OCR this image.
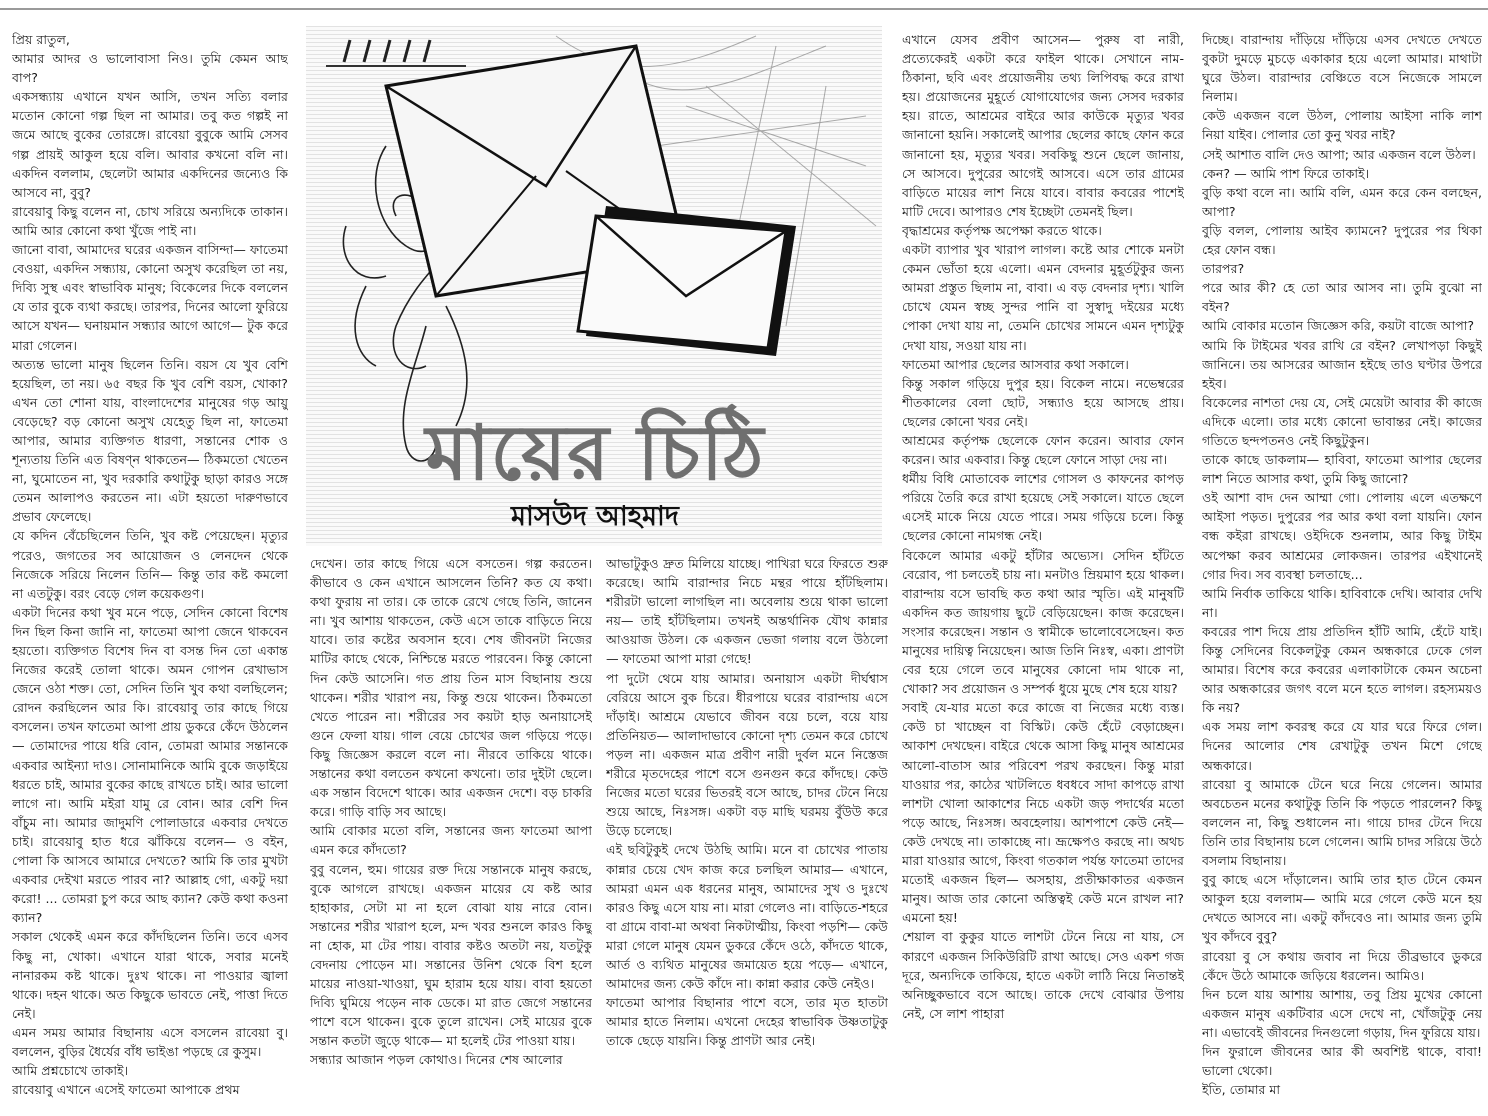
প্রিয় রাতুল,

আমার আদর ও ভালোবাসা নিও। তুমি কেমন আছ বাপ?

একসন্ধ্যায় এখানে যখন আসি, তখন সত্যি বলার মতোন কোনো গল্প ছিল না আমার। তবু কত গল্পই না জমে আছে বুকের তোরঙ্গে। রাবেয়া বুবুকে আমি সেসব গল্প প্রায়ই আকুল হয়ে বলি। আবার কখনো বলি না। একদিন বললাম, ছেলেটা আমার একদিনের জন্যেও কি আসবে না, বুবু?

রাবেয়াবু কিছু বলেন না, চোখ সরিয়ে অন্যদিকে তাকান। আমি আর কোনো কথা খুঁজে পাই না।

জানো বাবা, আমাদের ঘরের একজন বাসিন্দা— ফাতেমা বেওয়া, একদিন সন্ধ্যায়, কোনো অসুখ করেছিল তা নয়, দিব্যি সুস্থ এবং স্বাভাবিক মানুষ; বিকেলের দিকে বললেন যে তার বুকে ব্যথা করছে। তারপর, দিনের আলো ফুরিয়ে আসে যখন— ঘনায়মান সন্ধ্যার আগে আগে— টুক করে মারা গেলেন।

অত্যন্ত ভালো মানুষ ছিলেন তিনি। বয়স যে খুব বেশি হয়েছিল, তা নয়। ৬৫ বছর কি খুব বেশি বয়স, খোকা? এখন তো শোনা যায়, বাংলাদেশের মানুষের গড় আয়ু বেড়েছে? বড় কোনো অসুখ যেহেতু ছিল না, ফাতেমা আপার, আমার ব্যক্তিগত ধারণা, সন্তানের শোক ও শূন্যতায় তিনি এত বিষণ্ন থাকতেন— ঠিকমতো খেতেন না, ঘুমোতেন না, খুব দরকারি কথাটুকু ছাড়া কারও সঙ্গে তেমন আলাপও করতেন না। এটা হয়তো দারুণভাবে প্রভাব ফেলেছে।

যে কদিন বেঁচেছিলেন তিনি, খুব কষ্ট পেয়েছেন। মৃত্যুর পরেও, জগতের সব আয়োজন ও লেনদেন থেকে নিজেকে সরিয়ে নিলেন তিনি— কিন্তু তার কষ্ট কমলো না এতটুকু। বরং বেড়ে গেল কয়েকগুণ।

একটা দিনের কথা খুব মনে পড়ে, সেদিন কোনো বিশেষ দিন ছিল কিনা জানি না, ফাতেমা আপা জেনে থাকবেন হয়তো। ব্যক্তিগত বিশেষ দিন বা বসন্ত দিন তো একান্ত নিজের করেই তোলা থাকে। অমন গোপন রেখাভাস জেনে ওঠা শক্ত। তো, সেদিন তিনি খুব কথা বলছিলেন; রোদন করছিলেন আর কি। রাবেয়াবু তার কাছে গিয়ে বসলেন। তখন ফাতেমা আপা প্রায় ডুকরে কেঁদে উঠলেন— তোমাদের পায়ে ধরি বোন, তোমরা আমার সন্তানকে একবার আইন্যা দাও। সোনামানিকে আমি বুকে জড়াইয়ে ধরতে চাই, আমার বুকের কাছে রাখতে চাই। আর ভালো লাগে না। আমি মইরা যামু রে বোন। আর বেশি দিন বাঁচুম না। আমার জাদুমণি পোলাডারে একবার দেখতে চাই। রাবেয়াবু হাত ধরে ঝাঁকিয়ে বলেন— ও বইন, পোলা কি আসবে আমারে দেখতে? আমি কি তার মুখটা একবার দেইখা মরতে পারব না? আল্লাহ গো, একটু দয়া করো! ... তোমরা চুপ করে আছ ক্যান? কেউ কথা কওনা ক্যান?

সকাল থেকেই এমন করে কাঁদছিলেন তিনি। তবে এসব কিছু না, খোকা। এখানে যারা থাকে, সবার মনেই নানারকম কষ্ট থাকে। দুঃখ থাকে। না পাওয়ার জ্বালা থাকে। দহন থাকে। অত কিছুকে ভাবতে নেই, পাত্তা দিতে নেই।

এমন সময় আমার বিছানায় এসে বসলেন রাবেয়া বু। বললেন, বুড়ির ধৈর্যের বাঁধ ভাইঙা পড়ছে রে কুসুম।

আমি প্রশ্নচোখে তাকাই।

রাবেয়াবু এখানে এসেই ফাতেমা আপাকে প্রথম

দেখেন। তার কাছে গিয়ে এসে বসতেন। গল্প করতেন। কীভাবে ও কেন এখানে আসলেন তিনি? কত যে কথা। কথা ফুরায় না তার। কে তাকে রেখে গেছে তিনি, জানেন না। খুব আশায় থাকতেন, কেউ এসে তাকে বাড়িতে নিয়ে যাবে। তার কষ্টের অবসান হবে। শেষ জীবনটা নিজের মাটির কাছে থেকে, নিশ্চিন্তে মরতে পারবেন। কিন্তু কোনো দিন কেউ আসেনি। গত প্রায় তিন মাস বিছানায় শুয়ে থাকেন। শরীর খারাপ নয়, কিন্তু শুয়ে থাকেন। ঠিকমতো খেতে পারেন না। শরীরের সব কয়টা হাড় অনায়াসেই গুনে ফেলা যায়। গাল বেয়ে চোখের জল গড়িয়ে পড়ে। কিছু জিজ্ঞেস করলে বলে না। নীরবে তাকিয়ে থাকে। সন্তানের কথা বলতেন কখনো কখনো। তার দুইটা ছেলে। এক সন্তান বিদেশে থাকে। আর একজন দেশে। বড় চাকরি করে। গাড়ি বাড়ি সব আছে।

আমি বোকার মতো বলি, সন্তানের জন্য ফাতেমা আপা এমন করে কাঁদতো?

বুবু বলেন, হুম। গায়ের রক্ত দিয়ে সন্তানকে মানুষ করছে, বুকে আগলে রাখছে। একজন মায়ের যে কষ্ট আর হাহাকার, সেটা মা না হলে বোঝা যায় নারে বোন। সন্তানের শরীর খারাপ হলে, মন্দ খবর শুনলে কারও কিছু না হোক, মা টের পায়। বাবার কষ্টও অতটা নয়, যতটুকু বেদনায় পোড়েন মা। সন্তানের উনিশ থেকে বিশ হলে মায়ের নাওয়া-খাওয়া, ঘুম হারাম হয়ে যায়। বাবা হয়তো দিব্যি ঘুমিয়ে পড়েন নাক ডেকে। মা রাত জেগে সন্তানের পাশে বসে থাকেন। বুকে তুলে রাখেন। সেই মায়ের বুকে সন্তান কতটা জুড়ে থাকে— মা হলেই টের পাওয়া যায়।

সন্ধ্যার আজান পড়ল কোথাও। দিনের শেষ আলোর

আভাটুকুও দ্রুত মিলিয়ে যাচ্ছে। পাখিরা ঘরে ফিরতে শুরু করেছে। আমি বারান্দার নিচে মন্থর পায়ে হাঁটছিলাম। শরীরটা ভালো লাগছিল না। অবেলায় শুয়ে থাকা ভালো নয়— তাই হাঁটছিলাম। তখনই অন্তর্থানিক যৌথ কান্নার আওয়াজ উঠল। কে একজন ভেজা গলায় বলে উঠলো— ফাতেমা আপা মারা গেছে!

পা দুটো থেমে যায় আমার। অনায়াস একটা দীর্ঘশ্বাস বেরিয়ে আসে বুক চিরে। ধীরপায়ে ঘরের বারান্দায় এসে দাঁড়াই। আশ্রমে যেভাবে জীবন বয়ে চলে, বয়ে যায় প্রতিনিয়ত— আলাদাভাবে কোনো দৃশ্য তেমন করে চোখে পড়ল না। একজন মাত্র প্রবীণ নারী দুর্বল মনে নিস্তেজ শরীরে মৃতদেহের পাশে বসে গুনগুন করে কাঁদছে। কেউ নিজের মতো ঘরের ভিতরই বসে আছে, চাদর টেনে নিয়ে শুয়ে আছে, নিঃসঙ্গ। একটা বড় মাছি ঘরময় বুঁউউ করে উড়ে চলেছে।

এই ছবিটুকুই দেখে উঠছি আমি। মনে বা চোখের পাতায় কান্নার চেয়ে খেদ কাজ করে চলছিল আমার— এখানে, আমরা এমন এক ধরনের মানুষ, আমাদের সুখ ও দুঃখে কারও কিছু এসে যায় না। মারা গেলেও না। বাড়িতে-শহরে বা গ্রামে বাবা-মা অথবা নিকটাত্মীয়, কিংবা পড়শি— কেউ মারা গেলে মানুষ যেমন ডুকরে কেঁদে ওঠে, কাঁদতে থাকে, আর্ত ও ব্যথিত মানুষের জমায়েত হয়ে পড়ে— এখানে, আমাদের জন্য কেউ কাঁদে না। কান্না করার কেউ নেইও।

ফাতেমা আপার বিছানার পাশে বসে, তার মৃত হাতটা আমার হাতে নিলাম। এখনো দেহের স্বাভাবিক উষ্ণতাটুকু তাকে ছেড়ে যায়নি। কিন্তু প্রাণটা আর নেই।

এখানে যেসব প্রবীণ আসেন— পুরুষ বা নারী, প্রত্যেকেরই একটা করে ফাইল থাকে। সেখানে নাম-ঠিকানা, ছবি এবং প্রয়োজনীয় তথ্য লিপিবদ্ধ করে রাখা হয়। প্রয়োজনের মুহূর্তে যোগাযোগের জন্য সেসব দরকার হয়। রাতে, আশ্রমের বাইরে আর কাউকে মৃত্যুর খবর জানানো হয়নি। সকালেই আপার ছেলের কাছে ফোন করে জানানো হয়, মৃত্যুর খবর। সবকিছু শুনে ছেলে জানায়, সে আসবে। দুপুরের আগেই আসবে। এসে তার গ্রামের বাড়িতে মায়ের লাশ নিয়ে যাবে। বাবার কবরের পাশেই মাটি দেবে। আপারও শেষ ইচ্ছেটা তেমনই ছিল।

বৃদ্ধাশ্রমের কর্তৃপক্ষ অপেক্ষা করতে থাকে।

একটা ব্যাপার খুব খারাপ লাগল। কষ্টে আর শোকে মনটা কেমন ভোঁতা হয়ে এলো। এমন বেদনার মুহূর্তটুকুর জন্য আমরা প্রস্তুত ছিলাম না, বাবা। এ বড় বেদনার দৃশ্য। খালি চোখে যেমন স্বচ্ছ সুন্দর পানি বা সুস্বাদু দইয়ের মধ্যে পোকা দেখা যায় না, তেমনি চোখের সামনে এমন দৃশ্যটুকু দেখা যায়, সওয়া যায় না।

ফাতেমা আপার ছেলের আসবার কথা সকালে।

কিন্তু সকাল গড়িয়ে দুপুর হয়। বিকেল নামে। নভেম্বরের শীতকালের বেলা ছোট, সন্ধ্যাও হয়ে আসছে প্রায়। ছেলের কোনো খবর নেই।

আশ্রমের কর্তৃপক্ষ ছেলেকে ফোন করেন। আবার ফোন করেন। আর একবার। কিন্তু ছেলে ফোনে সাড়া দেয় না।

ধর্মীয় বিধি মোতাবেক লাশের গোসল ও কাফনের কাপড় পরিয়ে তৈরি করে রাখা হয়েছে সেই সকালে। যাতে ছেলে এসেই মাকে নিয়ে যেতে পারে। সময় গড়িয়ে চলে। কিন্তু ছেলের কোনো নামগন্ধ নেই।

বিকেলে আমার একটু হাঁটার অভ্যেস। সেদিন হাঁটতে বেরোব, পা চলতেই চায় না। মনটাও ম্রিয়মাণ হয়ে থাকল। বারান্দায় বসে ভাবছি কত কথা আর স্মৃতি। এই মানুষটি একদিন কত জায়গায় ছুটে বেড়িয়েছেন। কাজ করেছেন। সংসার করেছেন। সন্তান ও স্বামীকে ভালোবেসেছেন। কত মানুষের দায়িত্ব নিয়েছেন। আজ তিনি নিঃস্ব, একা। প্রাণটা বের হয়ে গেলে তবে মানুষের কোনো দাম থাকে না, খোকা? সব প্রয়োজন ও সম্পর্ক ধুয়ে মুছে শেষ হয়ে যায়?

সবাই যে-যার মতো করে কাজে বা নিজের মধ্যে ব্যস্ত। কেউ চা খাচ্ছেন বা বিস্কিট। কেউ হেঁটে বেড়াচ্ছেন। আকাশ দেখছেন। বাইরে থেকে আসা কিছু মানুষ আশ্রমের আলো-বাতাস আর পরিবেশ পরখ করছেন। কিন্তু মারা যাওয়ার পর, কাঠের খাটলিতে ধবধবে সাদা কাপড়ে রাখা লাশটা খোলা আকাশের নিচে একটা জড় পদার্থের মতো পড়ে আছে, নিঃসঙ্গ। অবহেলায়। আশপাশে কেউ নেই— কেউ দেখছে না। তাকাচ্ছে না। ভ্রূক্ষেপও করছে না। অথচ মারা যাওয়ার আগে, কিংবা গতকাল পর্যন্ত ফাতেমা তাদের মতোই একজন ছিল— অসহায়, প্রতীক্ষাকাতর একজন মানুষ। আজ তার কোনো অস্তিত্বই কেউ মনে রাখল না? এমনো হয়!

শেয়াল বা কুকুর যাতে লাশটা টেনে নিয়ে না যায়, সে কারণে একজন সিকিউরিটি রাখা আছে। সেও একশ গজ দূরে, অন্যদিকে তাকিয়ে, হাতে একটা লাঠি নিয়ে নিতান্তই অনিচ্ছুকভাবে বসে আছে। তাকে দেখে বোঝার উপায় নেই, সে লাশ পাহারা

দিচ্ছে। বারান্দায় দাঁড়িয়ে দাঁড়িয়ে এসব দেখতে দেখতে বুকটা দুমড়ে মুচড়ে একাকার হয়ে এলো আমার। মাথাটা ঘুরে উঠল। বারান্দার বেঞ্চিতে বসে নিজেকে সামলে নিলাম।

কেউ একজন বলে উঠল, পোলায় আইসা নাকি লাশ নিয়া যাইব। পোলার তো কুনু খবর নাই?

সেই আশাত বালি দেও আপা; আর একজন বলে উঠল।

কেন? — আমি পাশ ফিরে তাকাই।

বুড়ি কথা বলে না। আমি বলি, এমন করে কেন বলছেন, আপা?

বুড়ি বলল, পোলায় আইব ক্যামনে? দুপুরের পর থিকা হের ফোন বন্ধ।

তারপর?

পরে আর কী? হে তো আর আসব না। তুমি বুঝো না বইন?

আমি বোকার মতোন জিজ্ঞেস করি, কয়টা বাজে আপা?

আমি কি টাইমের খবর রাখি রে বইন? লেখাপড়া কিছুই জানিনে। তয় আসরের আজান হইছে তাও ঘণ্টার উপরে হইব।

বিকেলের নাশতা দেয় যে, সেই মেয়েটা আবার কী কাজে এদিকে এলো। তার মধ্যে কোনো ভাবান্তর নেই। কাজের গতিতে ছন্দপতনও নেই কিছুটুকুন।

তাকে কাছে ডাকলাম— হাবিবা, ফাতেমা আপার ছেলের লাশ নিতে আসার কথা, তুমি কিছু জানো?

ওই আশা বাদ দেন আম্মা গো। পোলায় এলে এতক্ষণে আইসা পড়ত। দুপুরের পর আর কথা বলা যায়নি। ফোন বন্ধ কইরা রাখছে। ওইদিকে শুনলাম, আর কিছু টাইম অপেক্ষা করব আশ্রমের লোকজন। তারপর এইখানেই গোর দিব। সব ব্যবস্থা চলতাছে...

আমি নির্বাক তাকিয়ে থাকি। হাবিবাকে দেখি। আবার দেখি না।

কবরের পাশ দিয়ে প্রায় প্রতিদিন হাঁটি আমি, হেঁটে যাই। কিন্তু সেদিনের বিকেলটুকু কেমন অন্ধকারে ঢেকে গেল আমার। বিশেষ করে কবরের এলাকাটাকে কেমন অচেনা আর অন্ধকারের জগৎ বলে মনে হতে লাগল। রহস্যময়ও কি নয়?

এক সময় লাশ কবরস্থ করে যে যার ঘরে ফিরে গেল। দিনের আলোর শেষ রেখাটুকু তখন মিশে গেছে অন্ধকারে।

রাবেয়া বু আমাকে টেনে ঘরে নিয়ে গেলেন। আমার অবচেতন মনের কথাটুকু তিনি কি পড়তে পারলেন? কিছু বললেন না, কিছু শুধালেন না। গায়ে চাদর টেনে দিয়ে তিনি তার বিছানায় চলে গেলেন। আমি চাদর সরিয়ে উঠে বসলাম বিছানায়।

বুবু কাছে এসে দাঁড়ালেন। আমি তার হাত টেনে কেমন আকুল হয়ে বললাম— আমি মরে গেলে কেউ মনে হয় দেখতে আসবে না। একটু কাঁদবেও না। আমার জন্য তুমি খুব কাঁদবে বুবু?

রাবেয়া বু সে কথায় জবাব না দিয়ে তীব্রভাবে ডুকরে কেঁদে উঠে আমাকে জড়িয়ে ধরলেন। আমিও।

দিন চলে যায় আশায় আশায়, তবু প্রিয় মুখের কোনো একজন মানুষ একটিবার এসে দেখে না, খোঁজটুকু নেয় না। এভাবেই জীবনের দিনগুলো গড়ায়, দিন ফুরিয়ে যায়।

দিন ফুরালে জীবনের আর কী অবশিষ্ট থাকে, বাবা! ভালো থেকো।

ইতি, তোমার মা

মায়ের চিঠি
মাসউদ আহমাদ
